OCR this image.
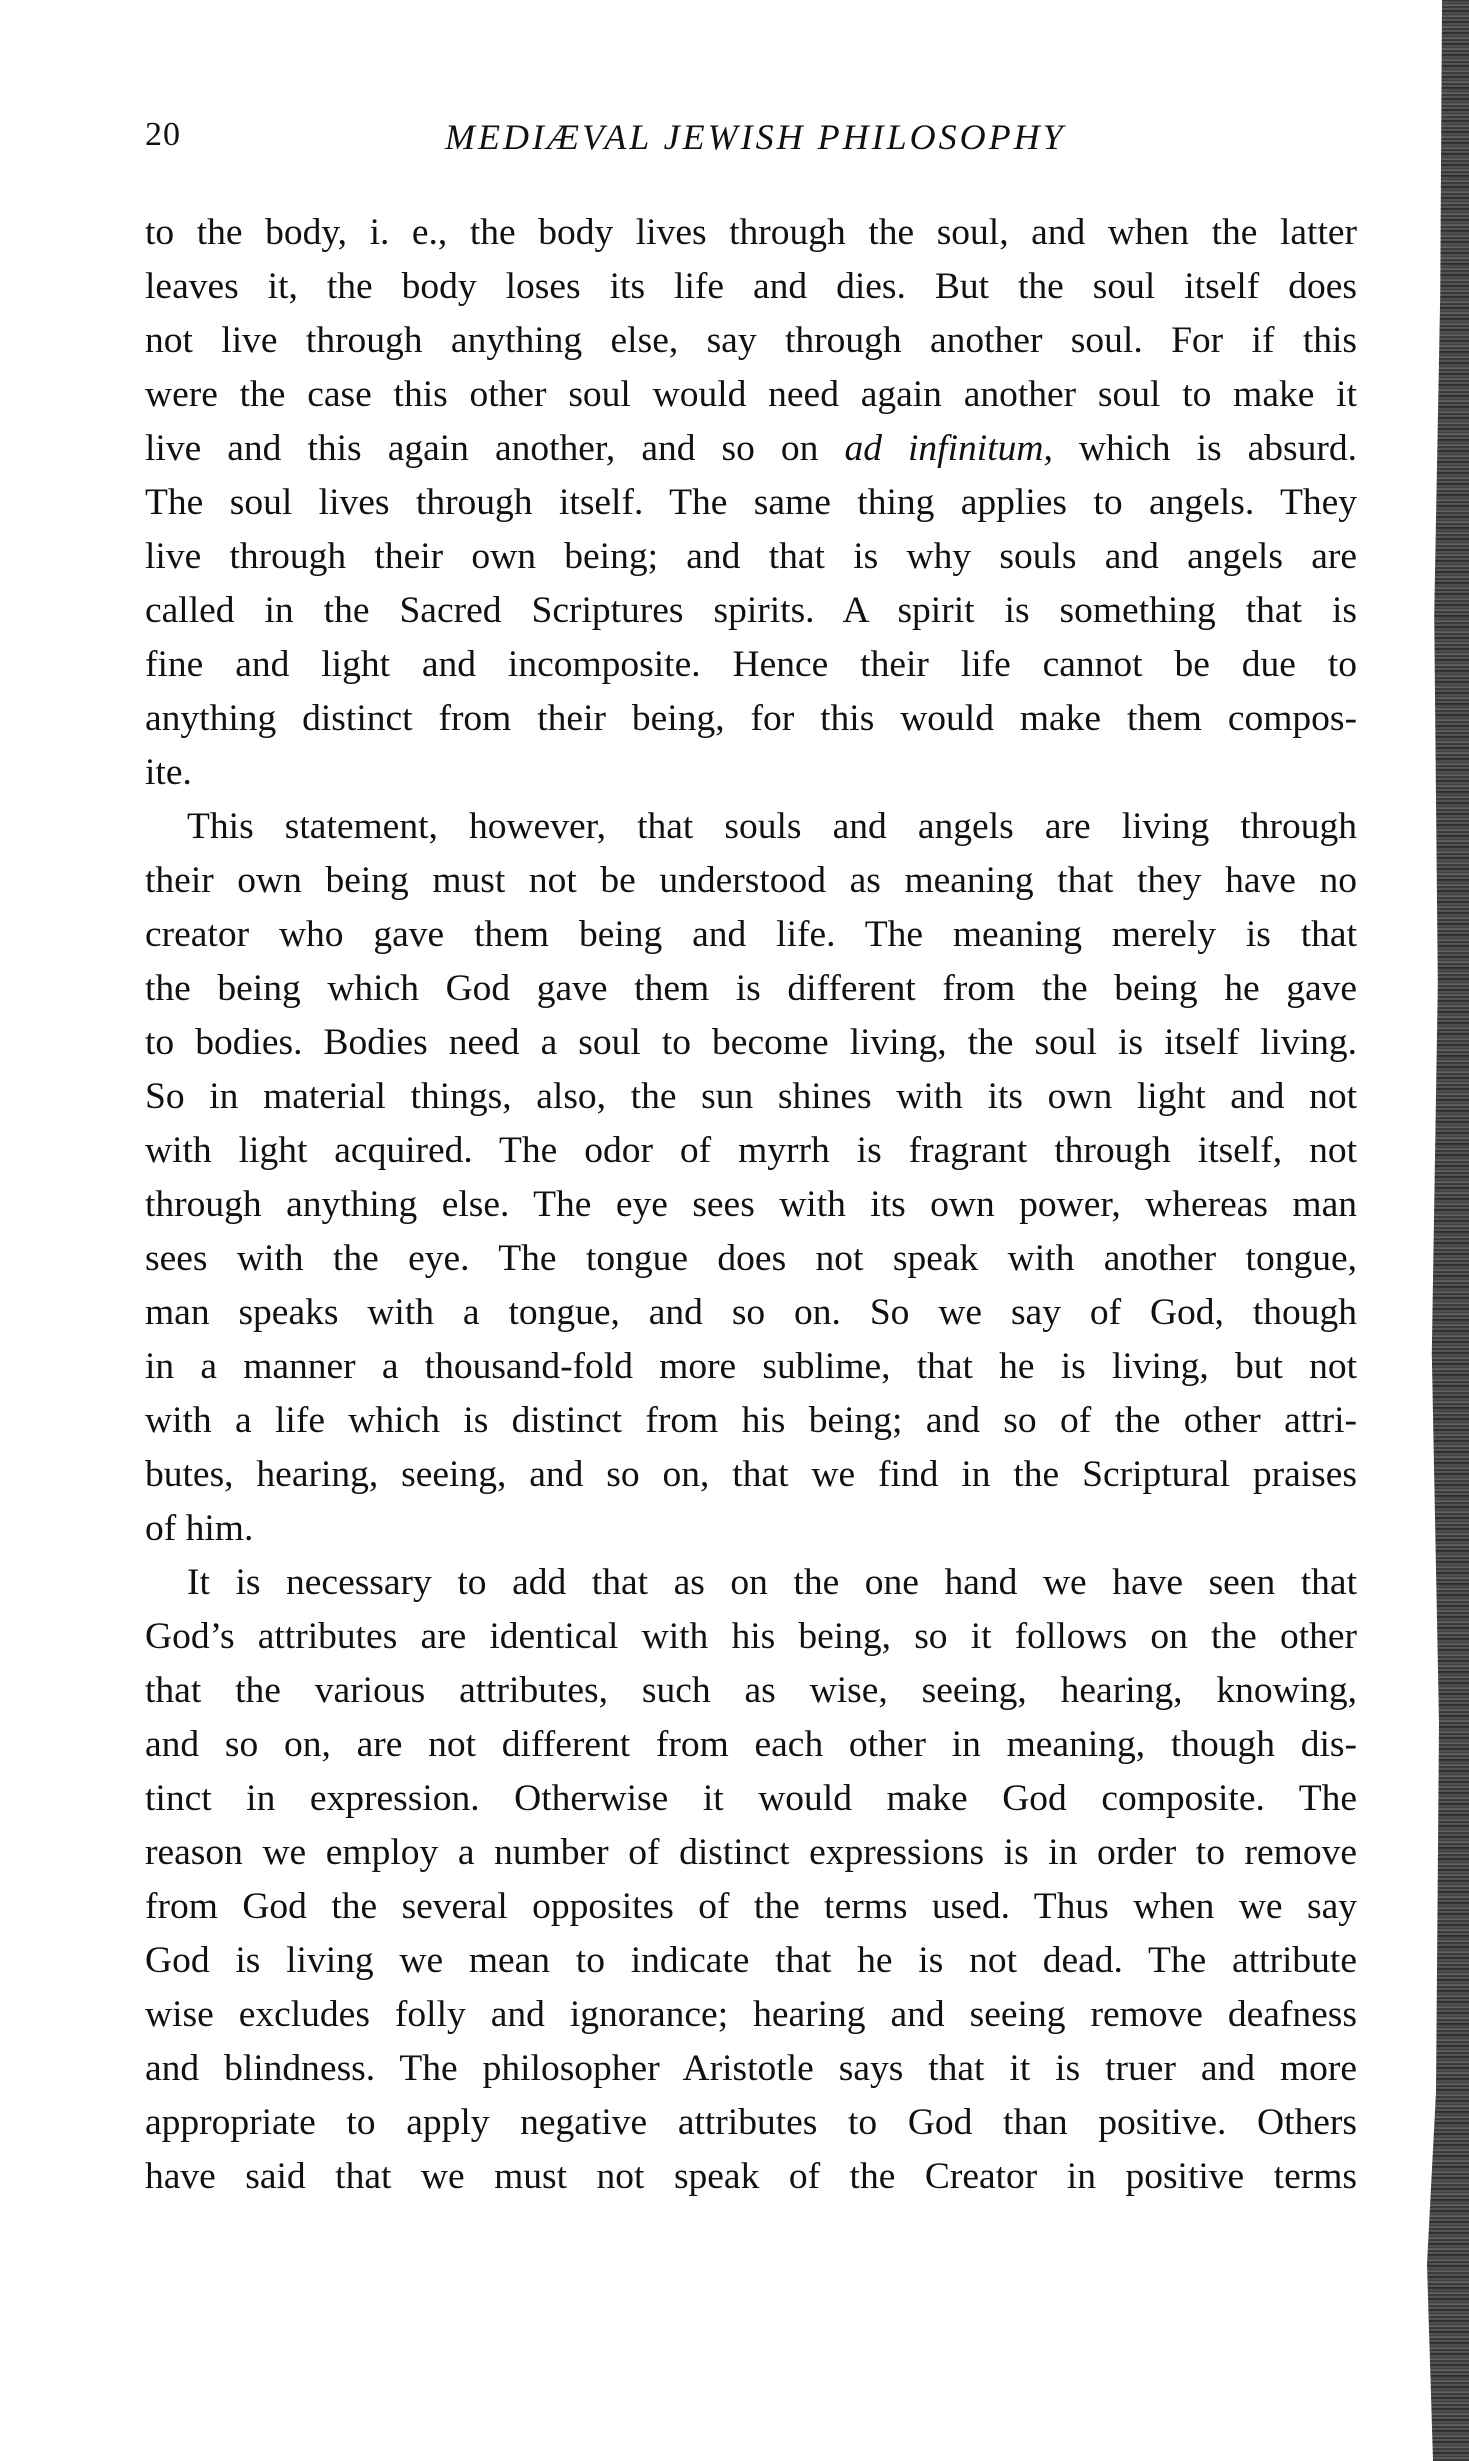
20	MEDIÆVAL JEWISH PHILOSOPHY
to the body, i. e., the body lives through the soul, and when the latter
leaves it, the body loses its life and dies. But the soul itself does
not live through anything else, say through another soul. For if this
were the case this other soul would need again another soul to make it
live and this again another, and so on ad infinitum, which is absurd.
The soul lives through itself. The same thing applies to angels. They
live through their own being; and that is why souls and angels are
called in the Sacred Scriptures spirits. A spirit is something that is
fine and light and incomposite. Hence their life cannot be due to
anything distinct from their being, for this would make them compos-
ite.
This statement, however, that souls and angels are living through
their own being must not be understood as meaning that they have no
creator who gave them being and life. The meaning merely is that
the being which God gave them is different from the being he gave
to bodies. Bodies need a soul to become living, the soul is itself living.
So in material things, also, the sun shines with its own light and not
with light acquired. The odor of myrrh is fragrant through itself, not
through anything else. The eye sees with its own power, whereas man
sees with the eye. The tongue does not speak with another tongue,
man speaks with a tongue, and so on. So we say of God, though
in a manner a thousand-fold more sublime, that he is living, but not
with a life which is distinct from his being; and so of the other attri-
butes, hearing, seeing, and so on, that we find in the Scriptural praises
of him.
It is necessary to add that as on the one hand we have seen that
God’s attributes are identical with his being, so it follows on the other
that the various attributes, such as wise, seeing, hearing, knowing,
and so on, are not different from each other in meaning, though dis-
tinct in expression. Otherwise it would make God composite. The
reason we employ a number of distinct expressions is in order to remove
from God the several opposites of the terms used. Thus when we say
God is living we mean to indicate that he is not dead. The attribute
wise excludes folly and ignorance; hearing and seeing remove deafness
and blindness. The philosopher Aristotle says that it is truer and more
appropriate to apply negative attributes to God than positive. Others
have said that we must not speak of the Creator in positive terms
